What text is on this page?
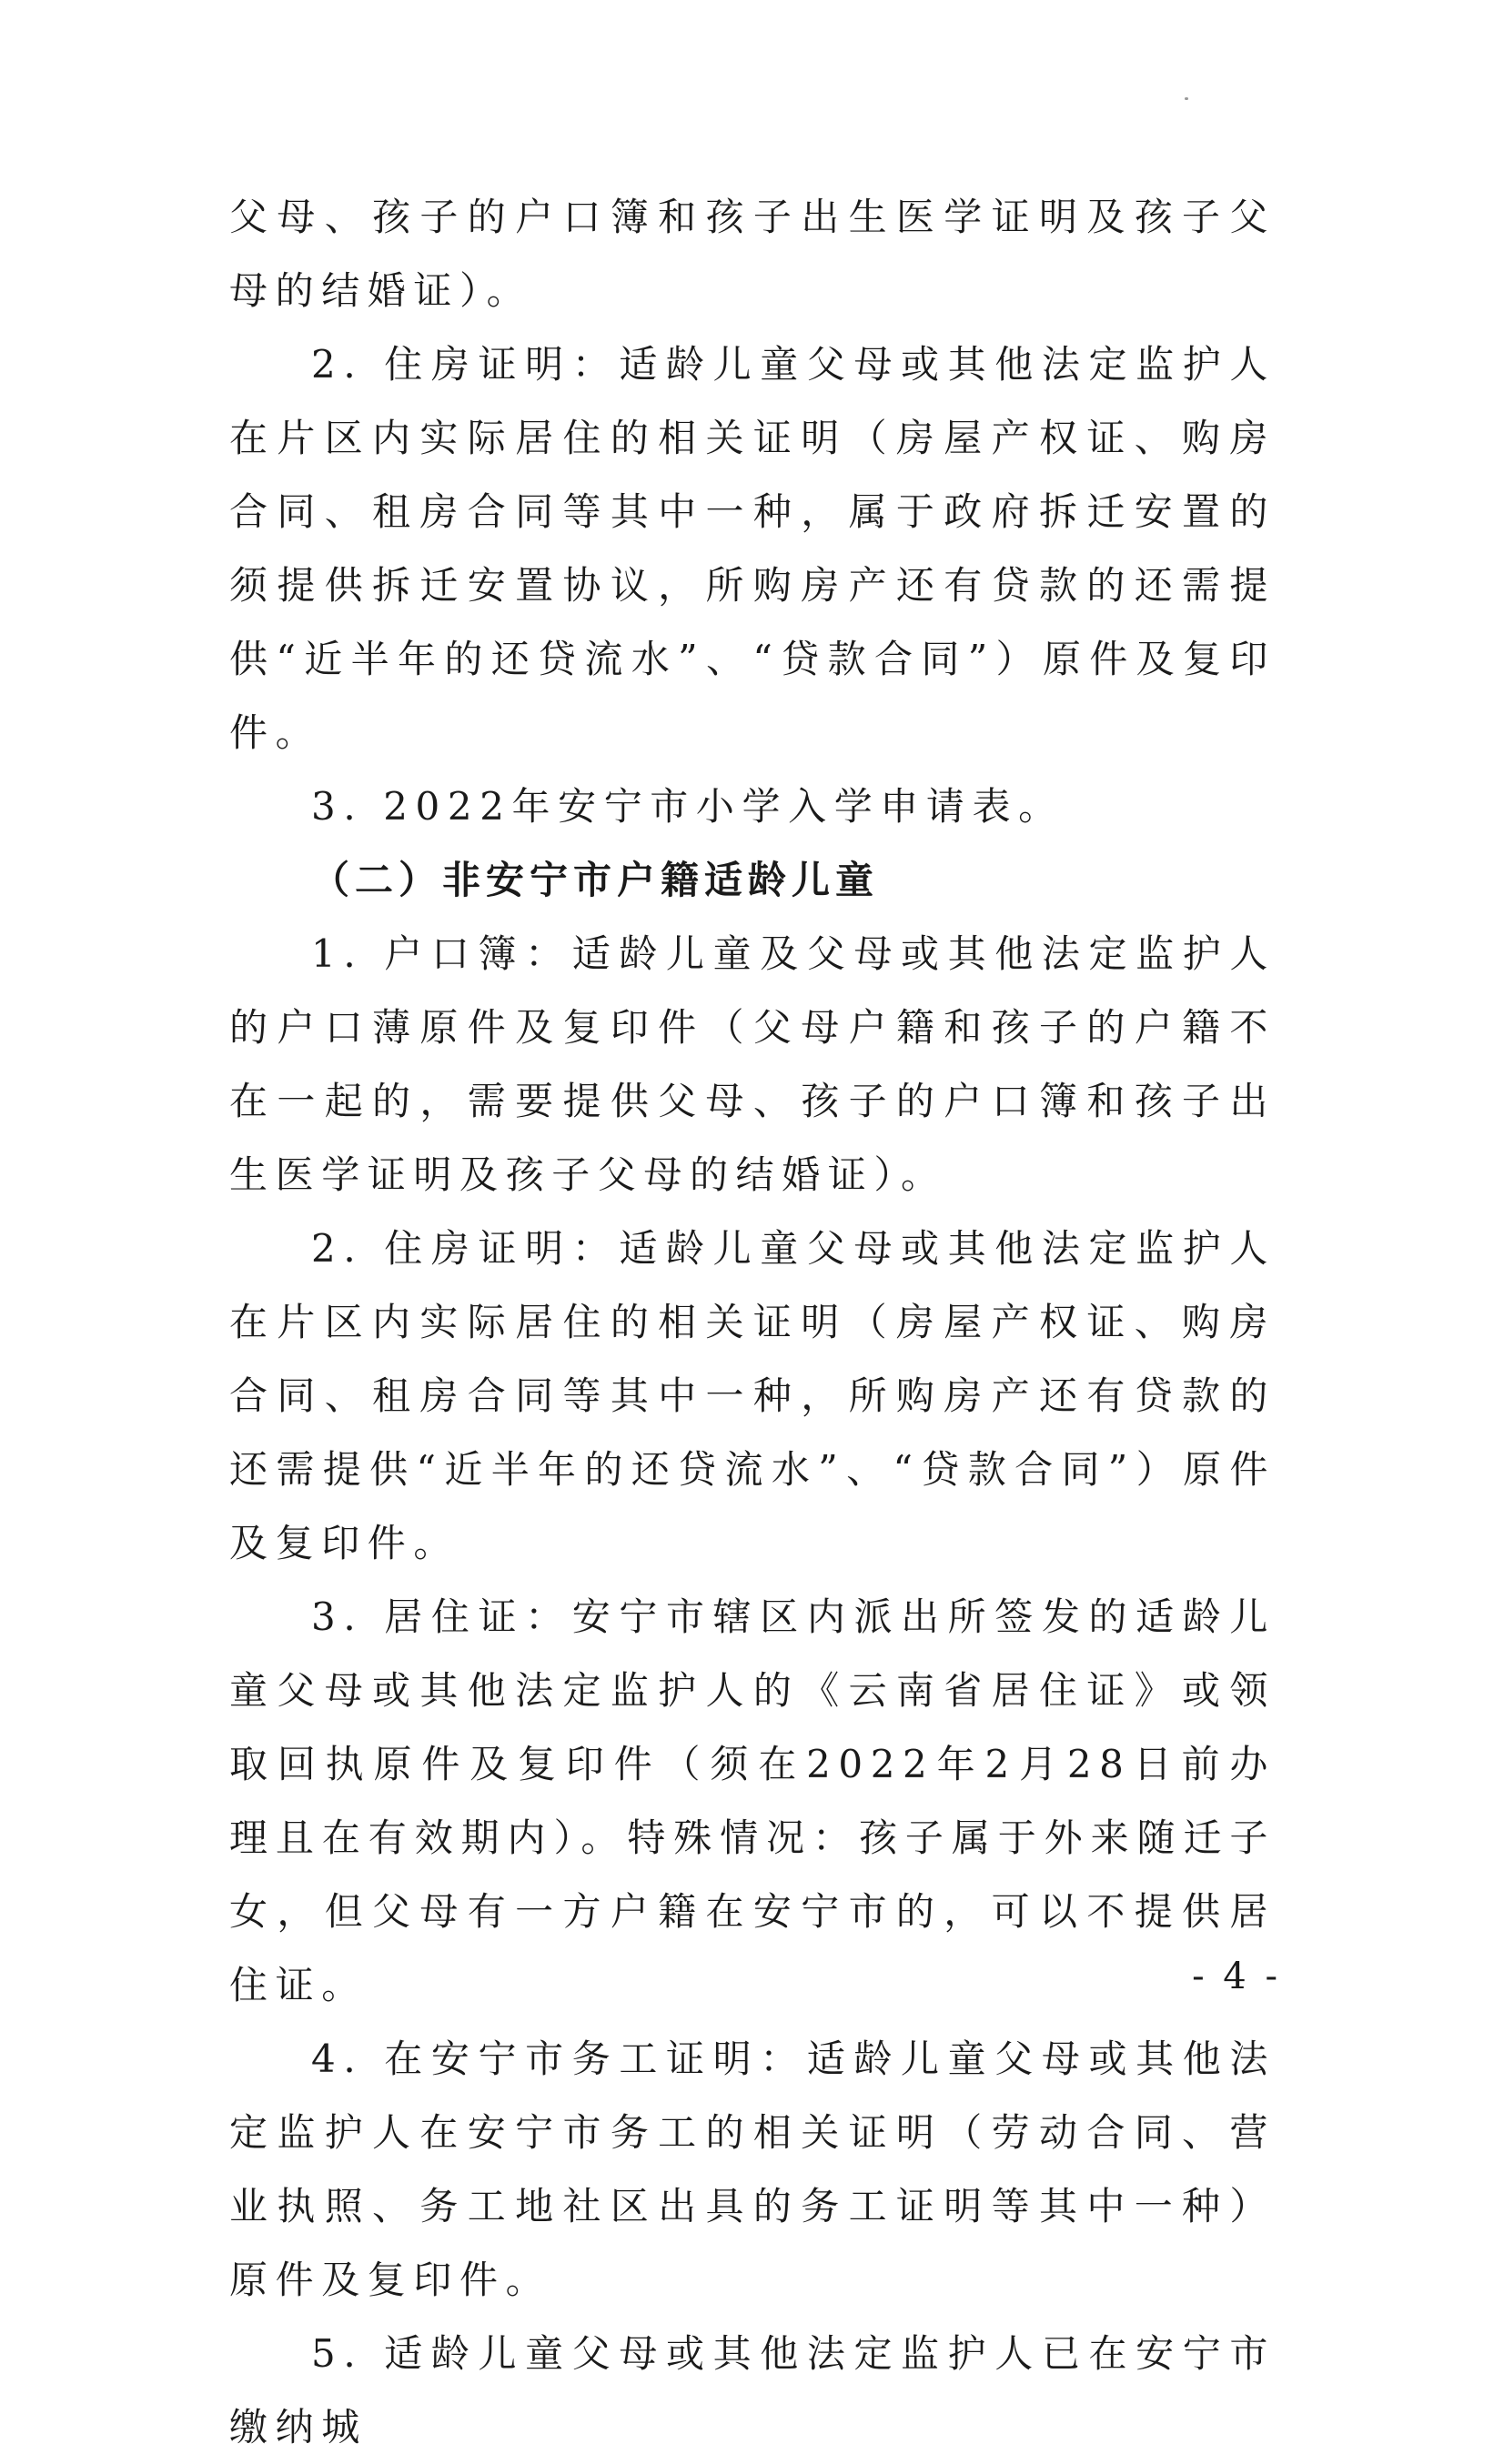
父母、孩子的户口簿和孩子出生医学证明及孩子父母的结婚证）。

2. 住房证明：适龄儿童父母或其他法定监护人在片区内实际居住的相关证明（房屋产权证、购房合同、租房合同等其中一种，属于政府拆迁安置的须提供拆迁安置协议，所购房产还有贷款的还需提供“近半年的还贷流水”、“贷款合同”）原件及复印件。

3. 2022年安宁市小学入学申请表。

（二）非安宁市户籍适龄儿童

1. 户口簿：适龄儿童及父母或其他法定监护人的户口薄原件及复印件（父母户籍和孩子的户籍不在一起的，需要提供父母、孩子的户口簿和孩子出生医学证明及孩子父母的结婚证）。

2. 住房证明：适龄儿童父母或其他法定监护人在片区内实际居住的相关证明（房屋产权证、购房合同、租房合同等其中一种，所购房产还有贷款的还需提供“近半年的还贷流水”、“贷款合同”）原件及复印件。

3. 居住证：安宁市辖区内派出所签发的适龄儿童父母或其他法定监护人的《云南省居住证》或领取回执原件及复印件（须在2022年2月28日前办理且在有效期内）。特殊情况：孩子属于外来随迁子女，但父母有一方户籍在安宁市的，可以不提供居住证。

4. 在安宁市务工证明：适龄儿童父母或其他法定监护人在安宁市务工的相关证明（劳动合同、营业执照、务工地社区出具的务工证明等其中一种）原件及复印件。

5. 适龄儿童父母或其他法定监护人已在安宁市缴纳城

- 4 -
